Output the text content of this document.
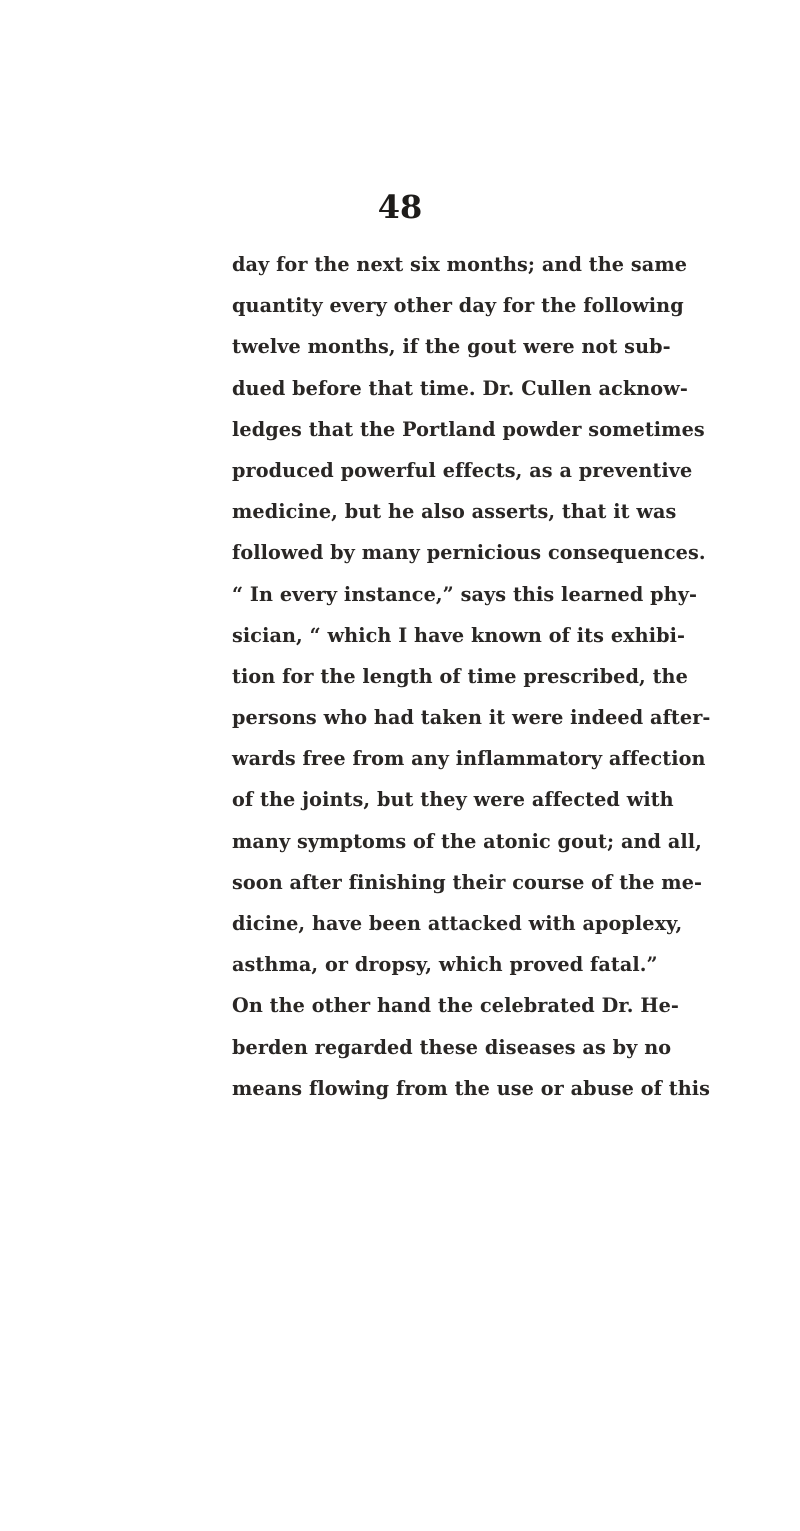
48
day for the next six months; and the same
quantity every other day for the following
twelve months, if the gout were not sub-
dued before that time. Dr. Cullen acknow-
ledges that the Portland powder sometimes
produced powerful effects, as a preventive
medicine, but he also asserts, that it was
followed by many pernicious consequences.
“ In every instance,” says this learned phy-
sician, “ which I have known of its exhibi-
tion for the length of time prescribed, the
persons who had taken it were indeed after-
wards free from any inflammatory affection
of the joints, but they were affected with
many symptoms of the atonic gout; and all,
soon after finishing their course of the me-
dicine, have been attacked with apoplexy,
asthma, or dropsy, which proved fatal.”
On the other hand the celebrated Dr. He-
berden regarded these diseases as by no
means flowing from the use or abuse of this
